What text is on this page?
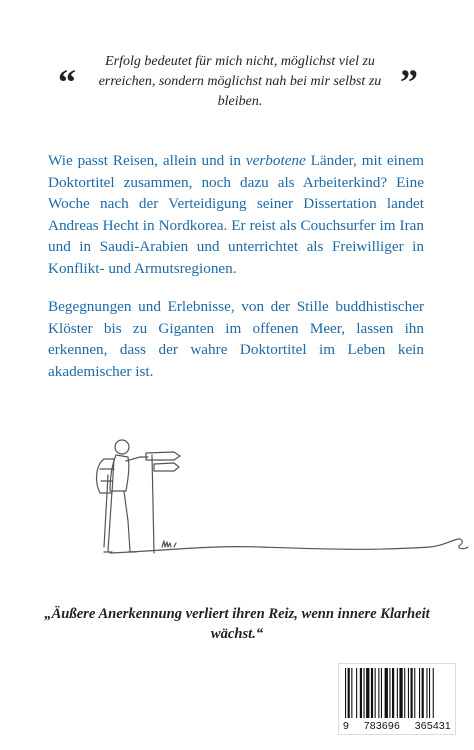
“
Erfolg bedeutet für mich nicht, möglichst viel zu erreichen, sondern möglichst nah bei mir selbst zu bleiben.	”
Wie passt Reisen, allein und in verbotene Länder, mit einem Doktortitel zusammen, noch dazu als Arbeiterkind? Eine Woche nach der Verteidigung seiner Dissertation landet Andreas Hecht in Nordkorea. Er reist als Couchsurfer im Iran und in Saudi-Arabien und unterrichtet als Freiwilliger in Konflikt- und Armutsregionen.
Begegnungen und Erlebnisse, von der Stille buddhistischer Klöster bis zu Giganten im offenen Meer, lassen ihn erkennen, dass der wahre Doktortitel im Leben kein akademischer ist.
„Äußere Anerkennung verliert ihren Reiz, wenn innere Klarheit wächst.“
9 783696 365431
